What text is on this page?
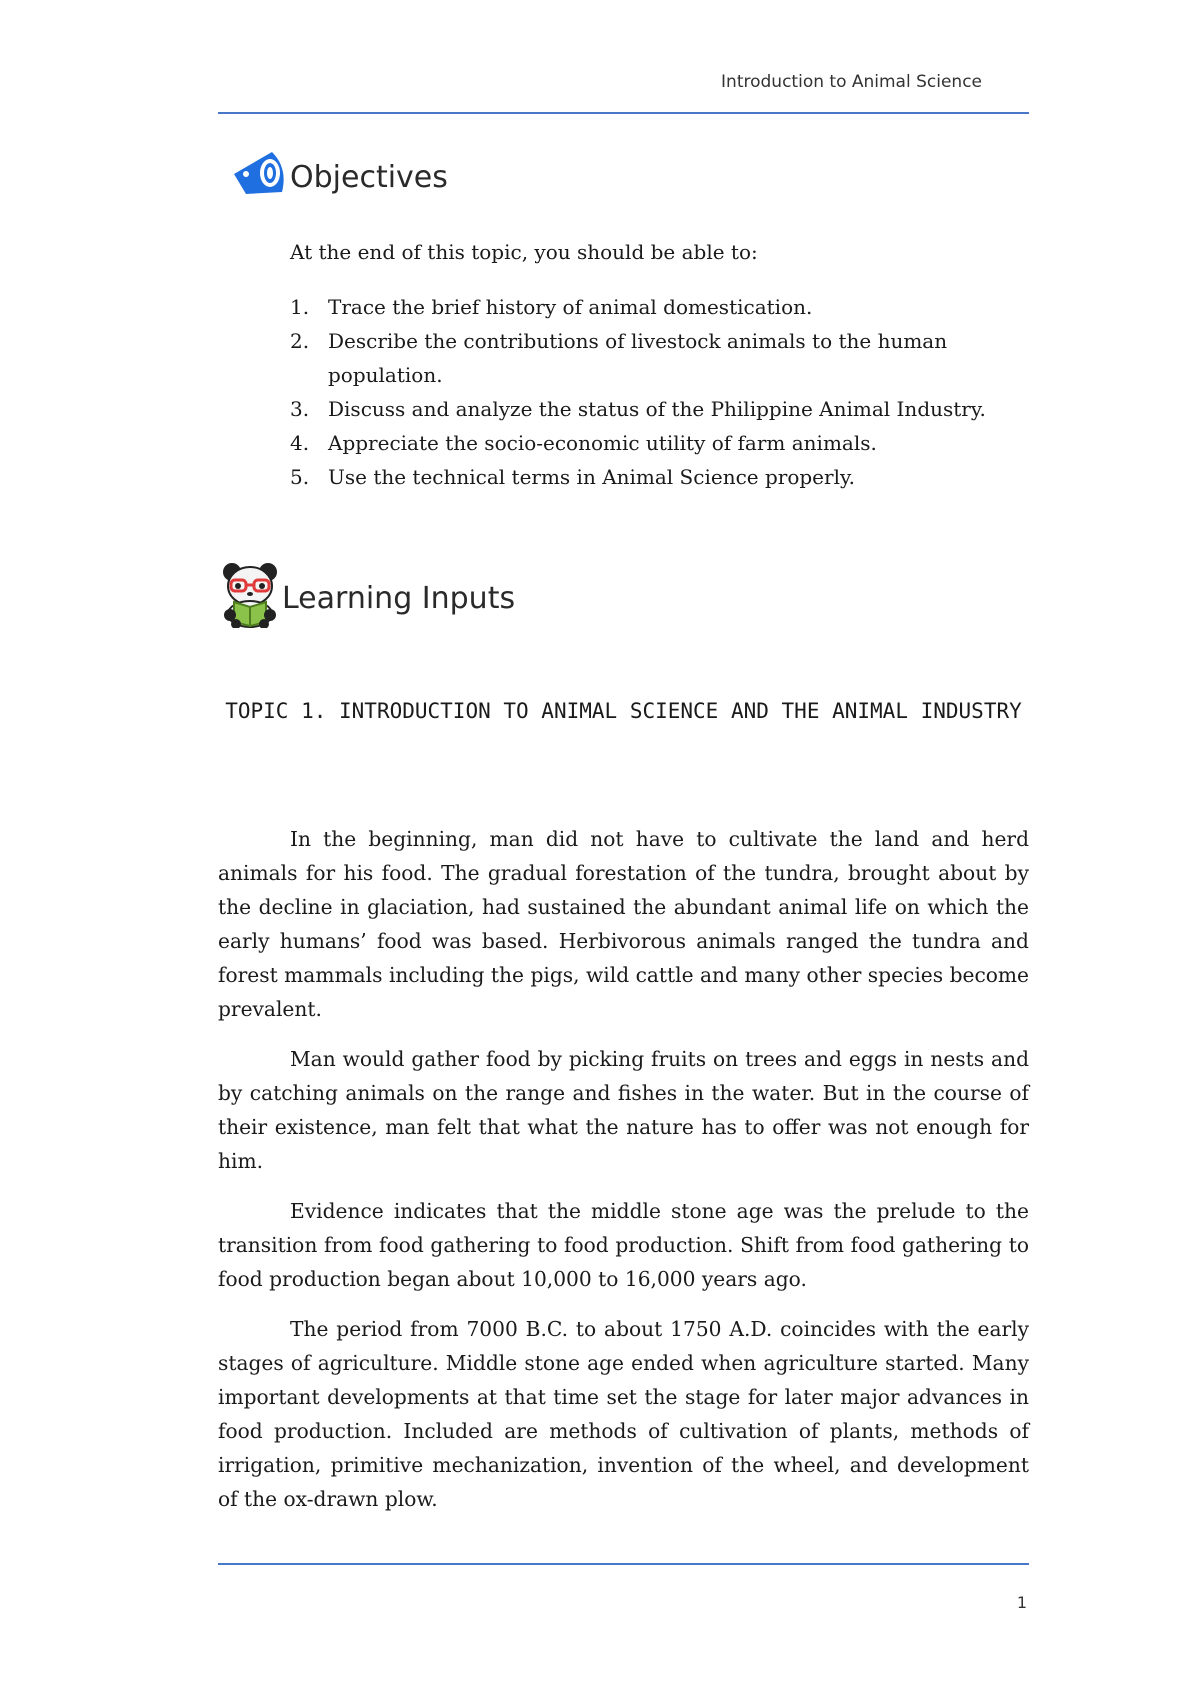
Introduction to Animal Science
Objectives
At the end of this topic, you should be able to:
1. Trace the brief history of animal domestication.
2. Describe the contributions of livestock animals to the human population.
3. Discuss and analyze the status of the Philippine Animal Industry.
4. Appreciate the socio-economic utility of farm animals.
5. Use the technical terms in Animal Science properly.
Learning Inputs
TOPIC 1. INTRODUCTION TO ANIMAL SCIENCE AND THE ANIMAL INDUSTRY

In the beginning, man did not have to cultivate the land and herd animals for his food. The gradual forestation of the tundra, brought about by the decline in glaciation, had sustained the abundant animal life on which the early humans’ food was based. Herbivorous animals ranged the tundra and forest mammals including the pigs, wild cattle and many other species become prevalent.

Man would gather food by picking fruits on trees and eggs in nests and by catching animals on the range and fishes in the water. But in the course of their existence, man felt that what the nature has to offer was not enough for him.

Evidence indicates that the middle stone age was the prelude to the transition from food gathering to food production. Shift from food gathering to food production began about 10,000 to 16,000 years ago.

The period from 7000 B.C. to about 1750 A.D. coincides with the early stages of agriculture. Middle stone age ended when agriculture started. Many important developments at that time set the stage for later major advances in food production. Included are methods of cultivation of plants, methods of irrigation, primitive mechanization, invention of the wheel, and development of the ox-drawn plow.

1
